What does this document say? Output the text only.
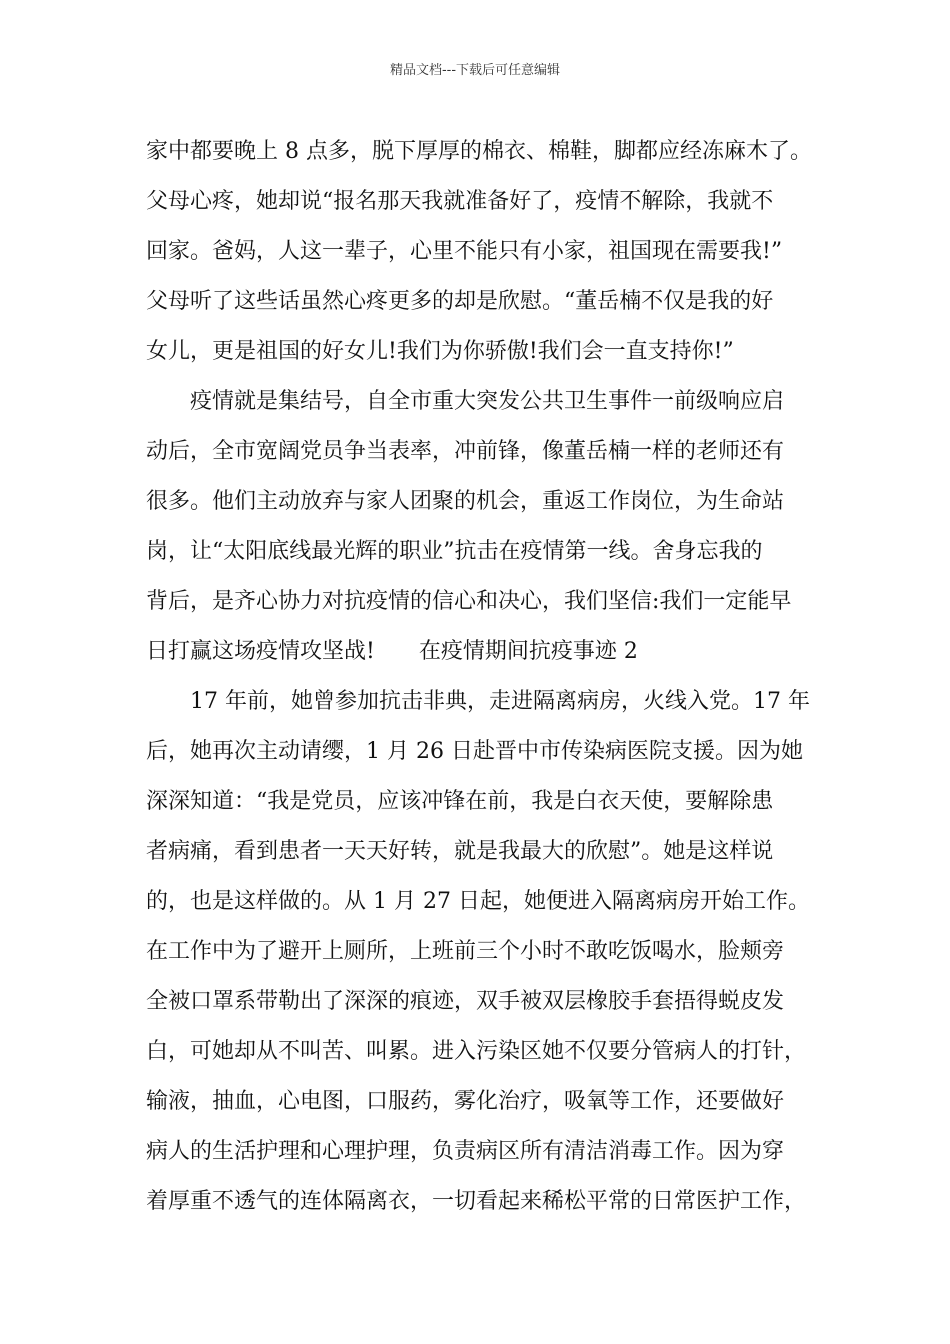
精品文档---下载后可任意编辑
家中都要晚上 8 点多，脱下厚厚的棉衣、棉鞋，脚都应经冻麻木了。
父母心疼，她却说“报名那天我就准备好了，疫情不解除，我就不
回家。爸妈，人这一辈子，心里不能只有小家，祖国现在需要我!”
父母听了这些话虽然心疼更多的却是欣慰。“董岳楠不仅是我的好
女儿，更是祖国的好女儿!我们为你骄傲!我们会一直支持你!”
疫情就是集结号，自全市重大突发公共卫生事件一前级响应启
动后，全市宽阔党员争当表率，冲前锋，像董岳楠一样的老师还有
很多。他们主动放弃与家人团聚的机会，重返工作岗位，为生命站
岗，让“太阳底线最光辉的职业”抗击在疫情第一线。舍身忘我的
背后，是齐心协力对抗疫情的信心和决心，我们坚信:我们一定能早
日打赢这场疫情攻坚战! 在疫情期间抗疫事迹 2
17 年前，她曾参加抗击非典，走进隔离病房，火线入党。17 年
后，她再次主动请缨，1 月 26 日赴晋中市传染病医院支援。因为她
深深知道：“我是党员，应该冲锋在前，我是白衣天使，要解除患
者病痛，看到患者一天天好转，就是我最大的欣慰”。她是这样说
的，也是这样做的。从 1 月 27 日起，她便进入隔离病房开始工作。
在工作中为了避开上厕所，上班前三个小时不敢吃饭喝水，脸颊旁
全被口罩系带勒出了深深的痕迹，双手被双层橡胶手套捂得蜕皮发
白，可她却从不叫苦、叫累。进入污染区她不仅要分管病人的打针，
输液，抽血，心电图，口服药，雾化治疗，吸氧等工作，还要做好
病人的生活护理和心理护理，负责病区所有清洁消毒工作。因为穿
着厚重不透气的连体隔离衣，一切看起来稀松平常的日常医护工作，
